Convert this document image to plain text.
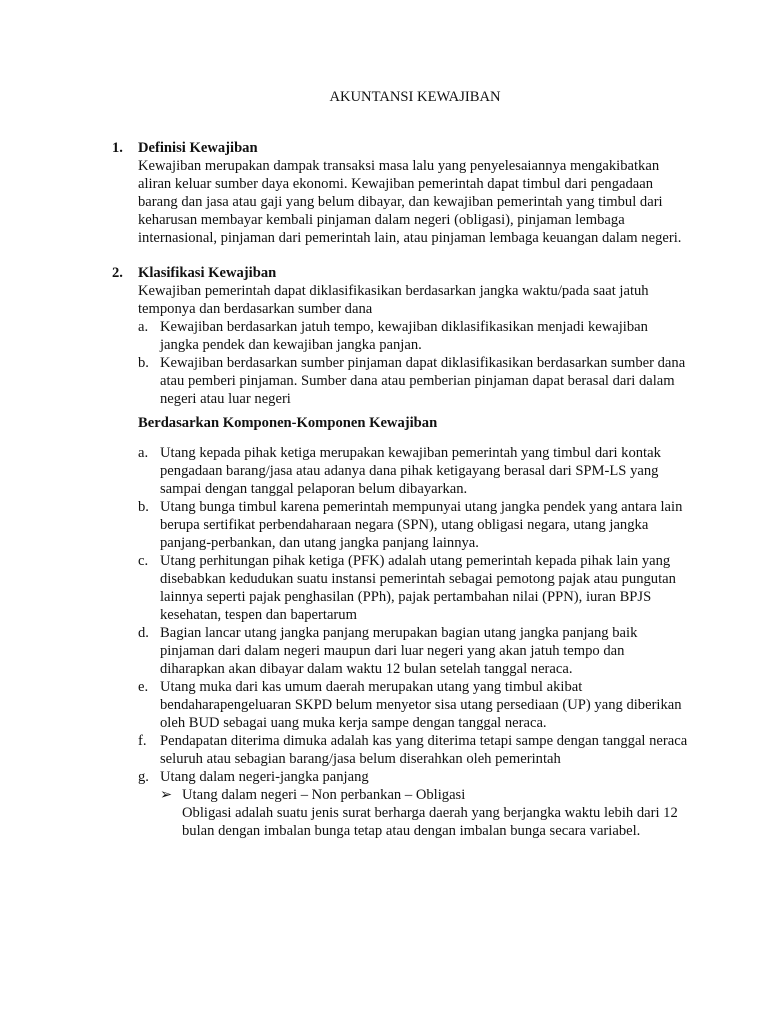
AKUNTANSI KEWAJIBAN
1. Definisi Kewajiban

Kewajiban merupakan dampak transaksi masa lalu yang penyelesaiannya mengakibatkan aliran keluar sumber daya ekonomi. Kewajiban pemerintah dapat timbul dari pengadaan barang dan jasa atau gaji yang belum dibayar, dan kewajiban pemerintah yang timbul dari keharusan membayar kembali pinjaman dalam negeri (obligasi), pinjaman lembaga internasional, pinjaman dari pemerintah lain, atau pinjaman lembaga keuangan dalam negeri.

2. Klasifikasi Kewajiban

Kewajiban pemerintah dapat diklasifikasikan berdasarkan jangka waktu/pada saat jatuh temponya dan berdasarkan sumber dana

a. Kewajiban berdasarkan jatuh tempo, kewajiban diklasifikasikan menjadi kewajiban jangka pendek dan kewajiban jangka panjan.
b. Kewajiban berdasarkan sumber pinjaman dapat diklasifikasikan berdasarkan sumber dana atau pemberi pinjaman. Sumber dana atau pemberian pinjaman dapat berasal dari dalam negeri atau luar negeri
Berdasarkan Komponen-Komponen Kewajiban
a. Utang kepada pihak ketiga merupakan kewajiban pemerintah yang timbul dari kontak pengadaan barang/jasa atau adanya dana pihak ketigayang berasal dari SPM-LS yang sampai dengan tanggal pelaporan belum dibayarkan.
b. Utang bunga timbul karena pemerintah mempunyai utang jangka pendek yang antara lain berupa sertifikat perbendaharaan negara (SPN), utang obligasi negara, utang jangka panjang-perbankan, dan utang jangka panjang lainnya.
c. Utang perhitungan pihak ketiga (PFK) adalah utang pemerintah kepada pihak lain yang disebabkan kedudukan suatu instansi pemerintah sebagai pemotong pajak atau pungutan lainnya seperti pajak penghasilan (PPh), pajak pertambahan nilai (PPN), iuran BPJS kesehatan, tespen dan bapertarum
d. Bagian lancar utang jangka panjang merupakan bagian utang jangka panjang baik pinjaman dari dalam negeri maupun dari luar negeri yang akan jatuh tempo dan diharapkan akan dibayar dalam waktu 12 bulan setelah tanggal neraca.
e. Utang muka dari kas umum daerah merupakan utang yang timbul akibat bendaharapengeluaran SKPD belum menyetor sisa utang persediaan (UP) yang diberikan oleh BUD sebagai uang muka kerja sampe dengan tanggal neraca.
f. Pendapatan diterima dimuka adalah kas yang diterima tetapi sampe dengan tanggal neraca seluruh atau sebagian barang/jasa belum diserahkan oleh pemerintah
g. Utang dalam negeri-jangka panjang
➢ Utang dalam negeri – Non perbankan – Obligasi
Obligasi adalah suatu jenis surat berharga daerah yang berjangka waktu lebih dari 12 bulan dengan imbalan bunga tetap atau dengan imbalan bunga secara variabel.
